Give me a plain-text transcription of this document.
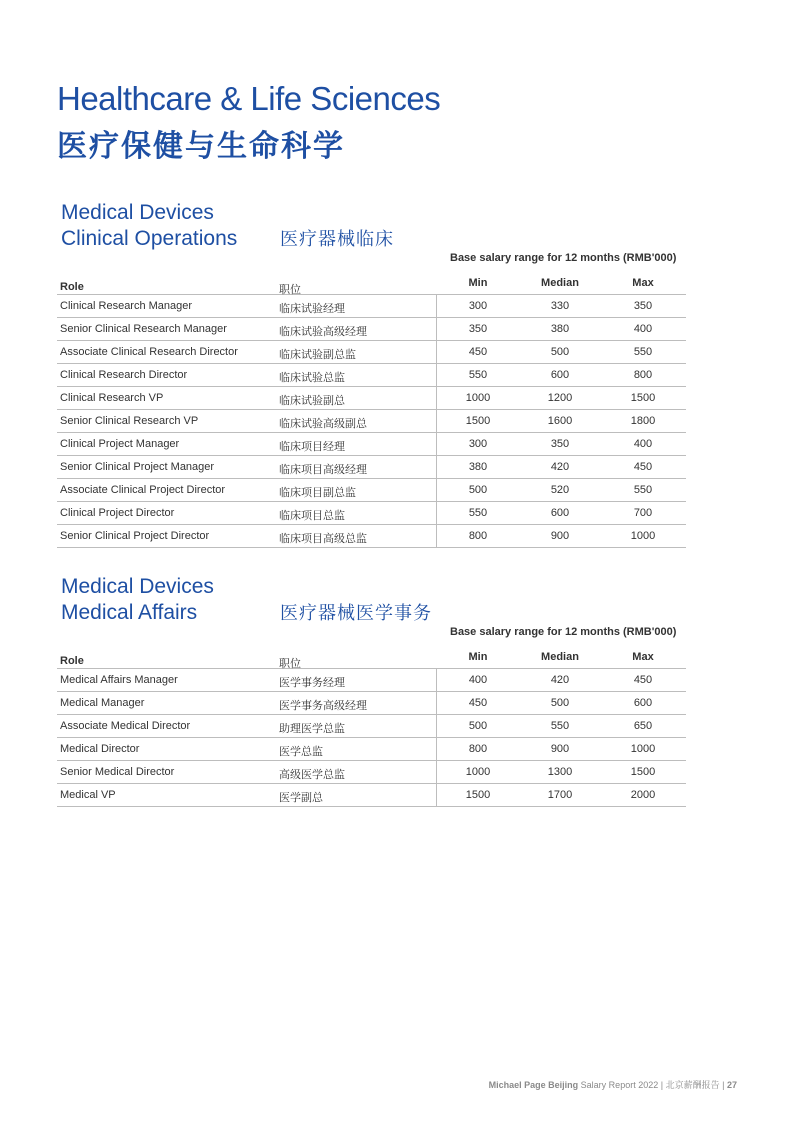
Healthcare & Life Sciences
医疗保健与生命科学
Medical Devices
Clinical Operations 医疗器械临床
Base salary range for 12 months (RMB'000)
Role	职位
Min	Median	Max
Clinical Research Manager	临床试验经理	300	330	350
Senior Clinical Research Manager	临床试验高级经理	350	380	400
Associate Clinical Research Director	临床试验副总监	450	500	550
Clinical Research Director	临床试验总监	550	600	800
Clinical Research VP	临床试验副总	1000	1200	1500
Senior Clinical Research VP	临床试验高级副总	1500	1600	1800
Clinical Project Manager	临床项目经理	300	350	400
Senior Clinical Project Manager	临床项目高级经理	380	420	450
Associate Clinical Project Director	临床项目副总监	500	520	550
Clinical Project Director	临床项目总监	550	600	700
Senior Clinical Project Director	临床项目高级总监	800	900	1000
Medical Devices
Medical Affairs	医疗器械医学事务
Base salary range for 12 months (RMB'000)
Role	职位
Min	Median	Max
Medical Affairs Manager	医学事务经理	400	420	450
Medical Manager	医学事务高级经理	450	500	600
Associate Medical Director	助理医学总监	500	550	650
Medical Director	医学总监	800	900	1000
Senior Medical Director	高级医学总监	1000	1300	1500
Medical VP	医学副总	1500	1700	2000
Michael Page Beijing Salary Report 2022 | 北京薪酬报告 | 27
